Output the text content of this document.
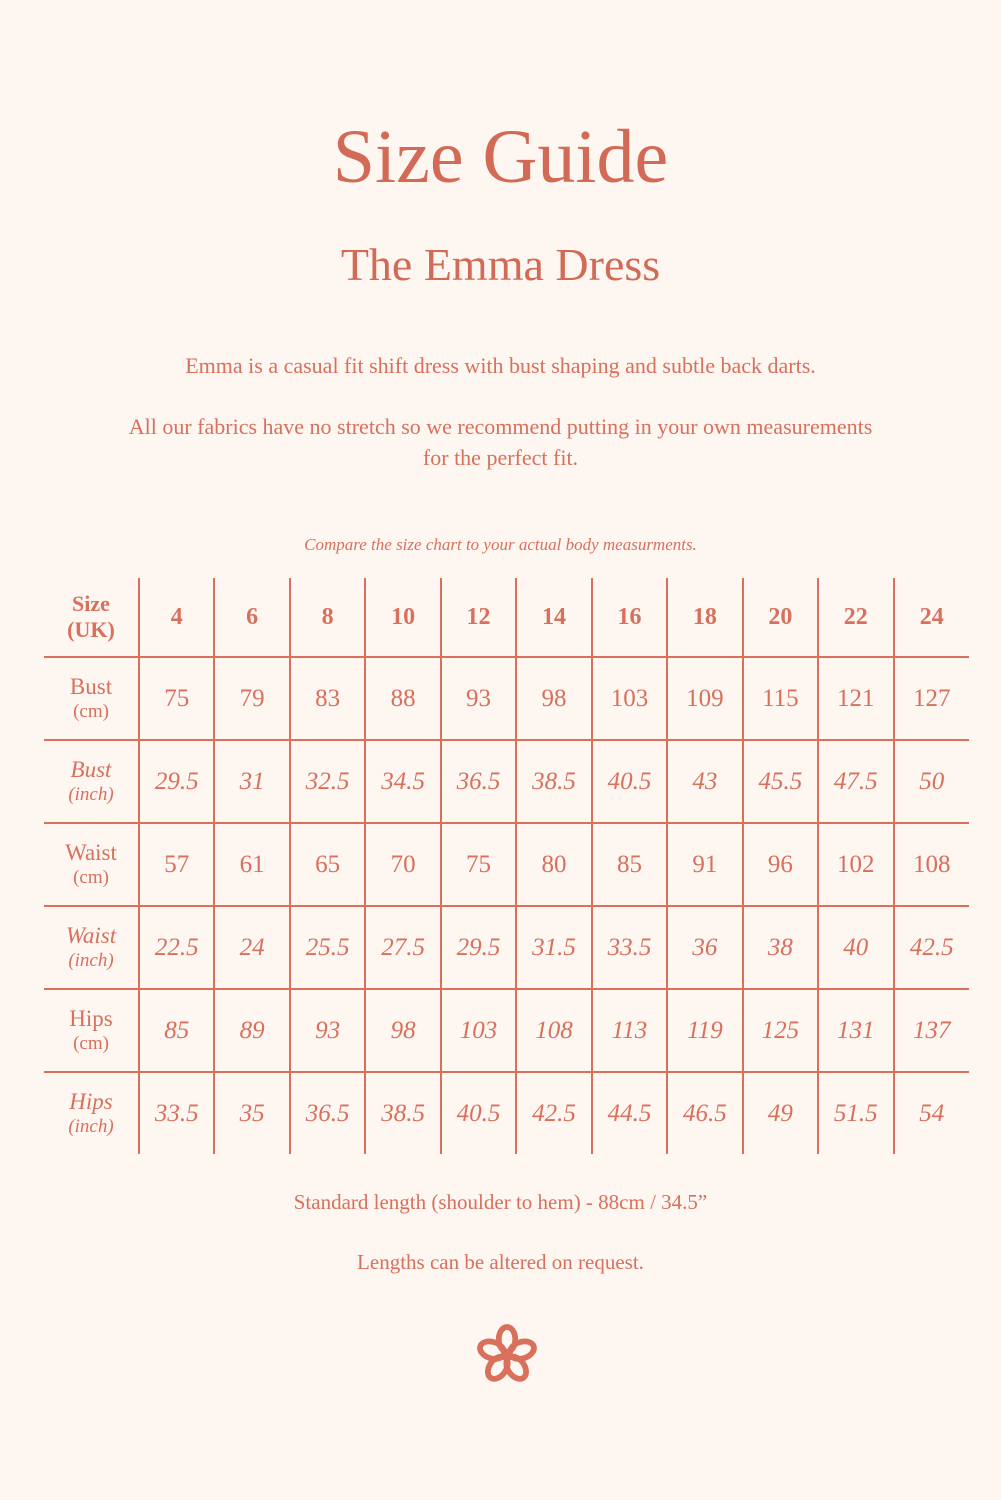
Size Guide
The Emma Dress

Emma is a casual fit shift dress with bust shaping and subtle back darts.

All our fabrics have no stretch so we recommend putting in your own measurements for the perfect fit.

Compare the size chart to your actual body measurments.

Size
(UK)	4	6	8	10	12	14	16	18	20	22	24
Bust
(cm)	75	79	83	88	93	98	103	109	115	121	127
Bust
(inch)	29.5	31	32.5	34.5	36.5	38.5	40.5	43	45.5	47.5	50
Waist
(cm)	57	61	65	70	75	80	85	91	96	102	108
Waist
(inch)	22.5	24	25.5	27.5	29.5	31.5	33.5	36	38	40	42.5
Hips
(cm)	85	89	93	98	103	108	113	119	125	131	137
Hips
(inch)	33.5	35	36.5	38.5	40.5	42.5	44.5	46.5	49	51.5	54

Standard length (shoulder to hem) - 88cm / 34.5”

Lengths can be altered on request.
